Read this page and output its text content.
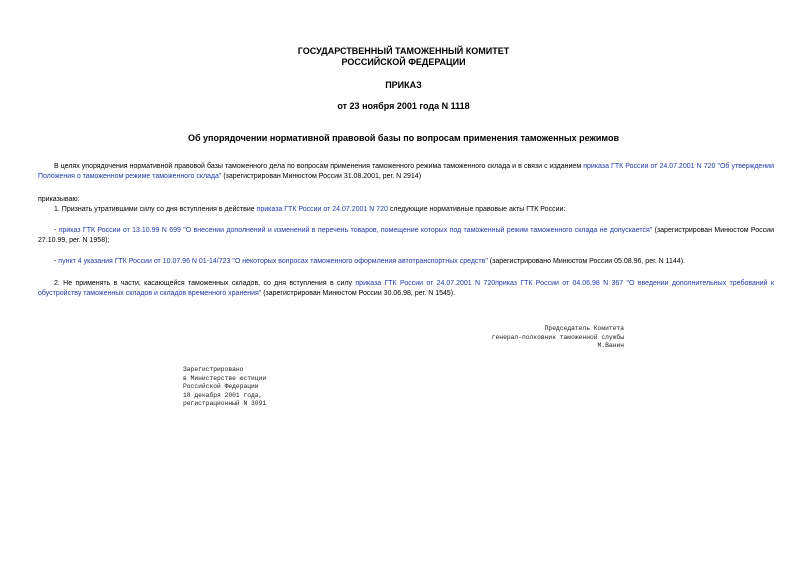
ГОСУДАРСТВЕННЫЙ ТАМОЖЕННЫЙ КОМИТЕТ
РОССИЙСКОЙ ФЕДЕРАЦИИ
ПРИКАЗ
от 23 ноября 2001 года N 1118
Об упорядочении нормативной правовой базы по вопросам применения таможенных режимов
В целях упорядочения нормативной правовой базы таможенного дела по вопросам применения таможенного режима таможенного склада и в связи с изданием приказа ГТК России от 24.07.2001 N 720 "Об утверждении Положения о таможенном режиме таможенного склада" (зарегистрирован Минюстом России 31.08.2001, рег. N 2914)
приказываю:
1. Признать утратившими силу со дня вступления в действие приказа ГТК России от 24.07.2001 N 720 следующие нормативные правовые акты ГТК России:
- приказ ГТК России от 13.10.99 N 699 "О внесении дополнений и изменений в перечень товаров, помещение которых под таможенный режим таможенного склада не допускается" (зарегистрирован Минюстом России 27.10.99, рег. N 1958);
- пункт 4 указания ГТК России от 10.07.96 N 01-14/723 "О некоторых вопросах таможенного оформления автотранспортных средств" (зарегистрировано Минюстом России 05.08.96, рег. N 1144).
2. Не применять в части, касающейся таможенных складов, со дня вступления в силу приказа ГТК России от 24.07.2001 N 720приказ ГТК России от 04.06.98 N 367 "О введении дополнительных требований к обустройству таможенных складов и складов временного хранения" (зарегистрирован Минюстом России 30.06.98, рег. N 1545).
Председатель Комитета
генерал-полковник таможенной службы
М.Ванин
Зарегистрировано
в Министерстве юстиции
Российской Федерации
18 декабря 2001 года,
регистрационный N 3091
